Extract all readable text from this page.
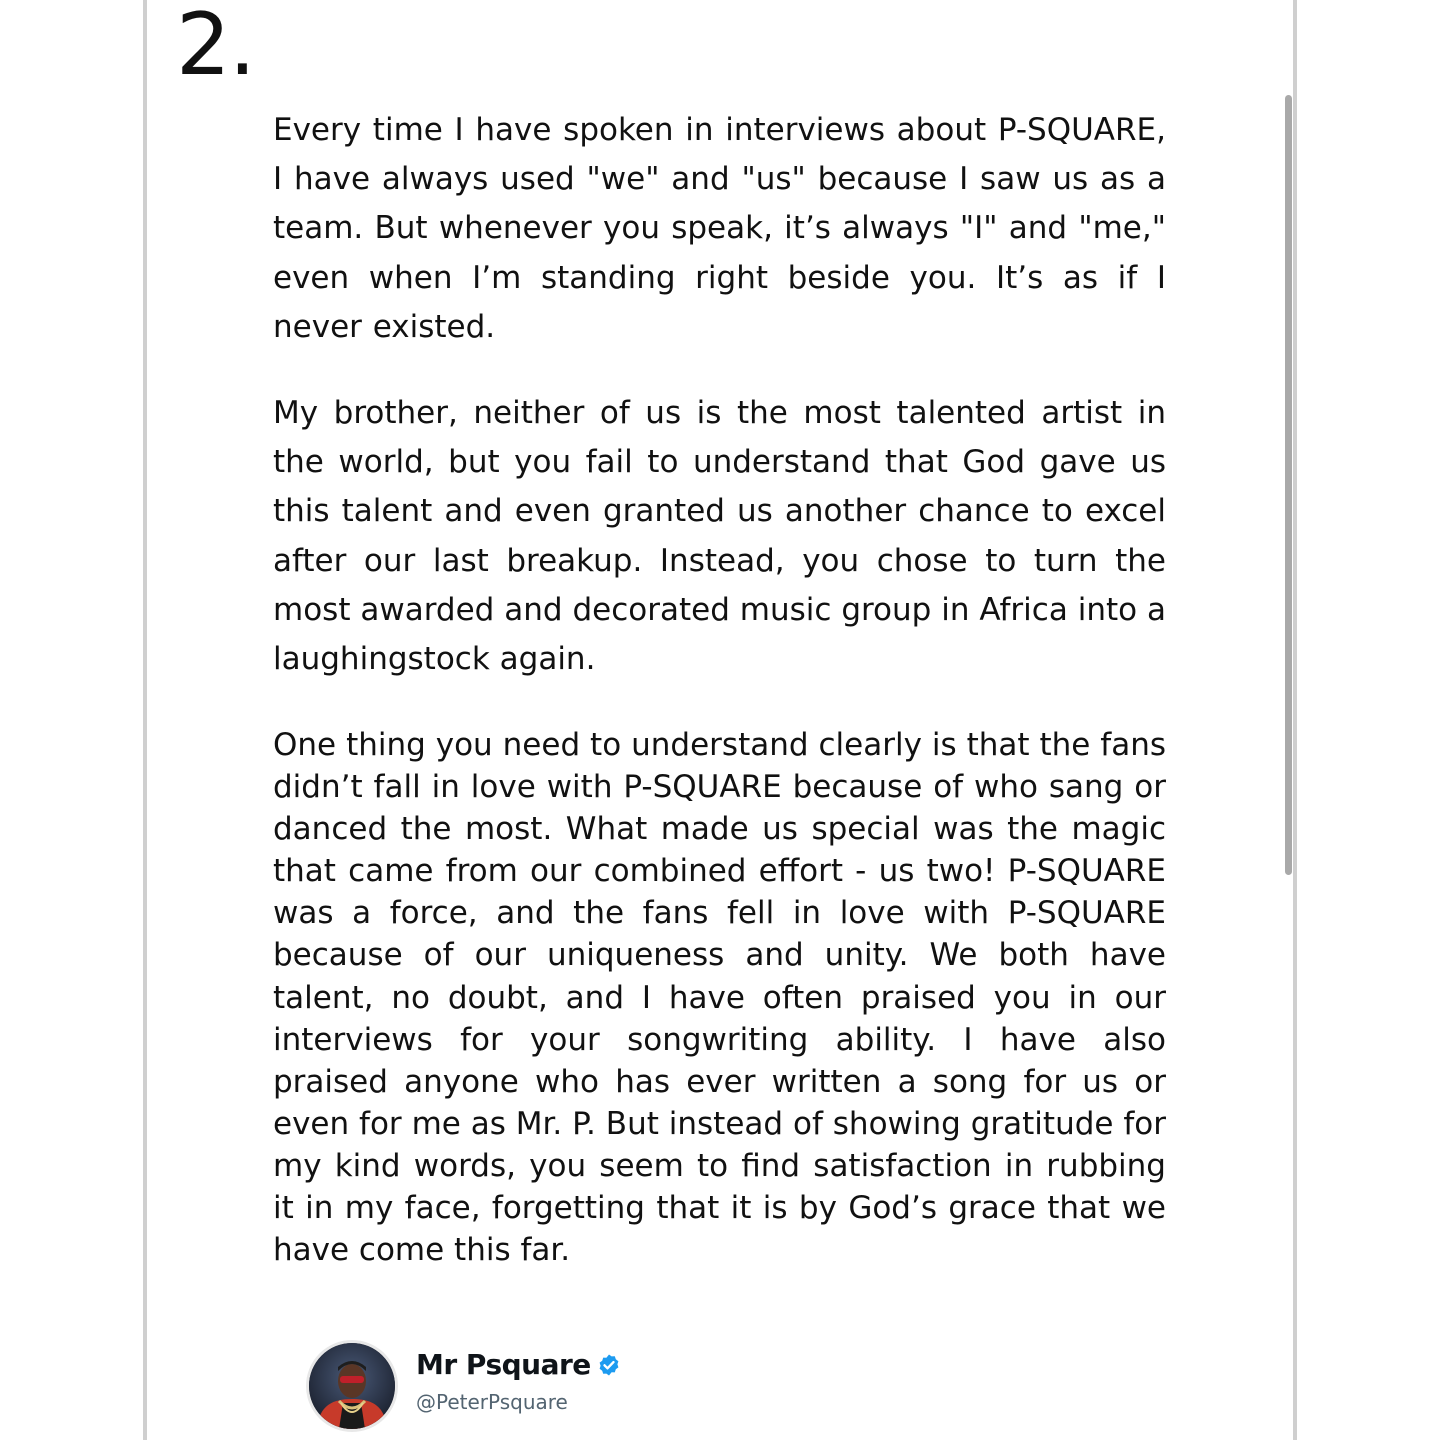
2.

Every time I have spoken in interviews about P-SQUARE, I have always used "we" and "us" because I saw us as a team. But whenever you speak, it’s always "I" and "me," even when I’m standing right beside you. It’s as if I never existed.

My brother, neither of us is the most talented artist in the world, but you fail to understand that God gave us this talent and even granted us another chance to excel after our last breakup. Instead, you chose to turn the most awarded and decorated music group in Africa into a laughingstock again.

One thing you need to understand clearly is that the fans didn’t fall in love with P-SQUARE because of who sang or danced the most. What made us special was the magic that came from our combined effort - us two! P-SQUARE was a force, and the fans fell in love with P-SQUARE because of our uniqueness and unity. We both have talent, no doubt, and I have often praised you in our interviews for your songwriting ability. I have also praised anyone who has ever written a song for us or even for me as Mr. P. But instead of showing gratitude for my kind words, you seem to find satisfaction in rubbing it in my face, forgetting that it is by God’s grace that we have come this far.

Mr Psquare
@PeterPsquare
